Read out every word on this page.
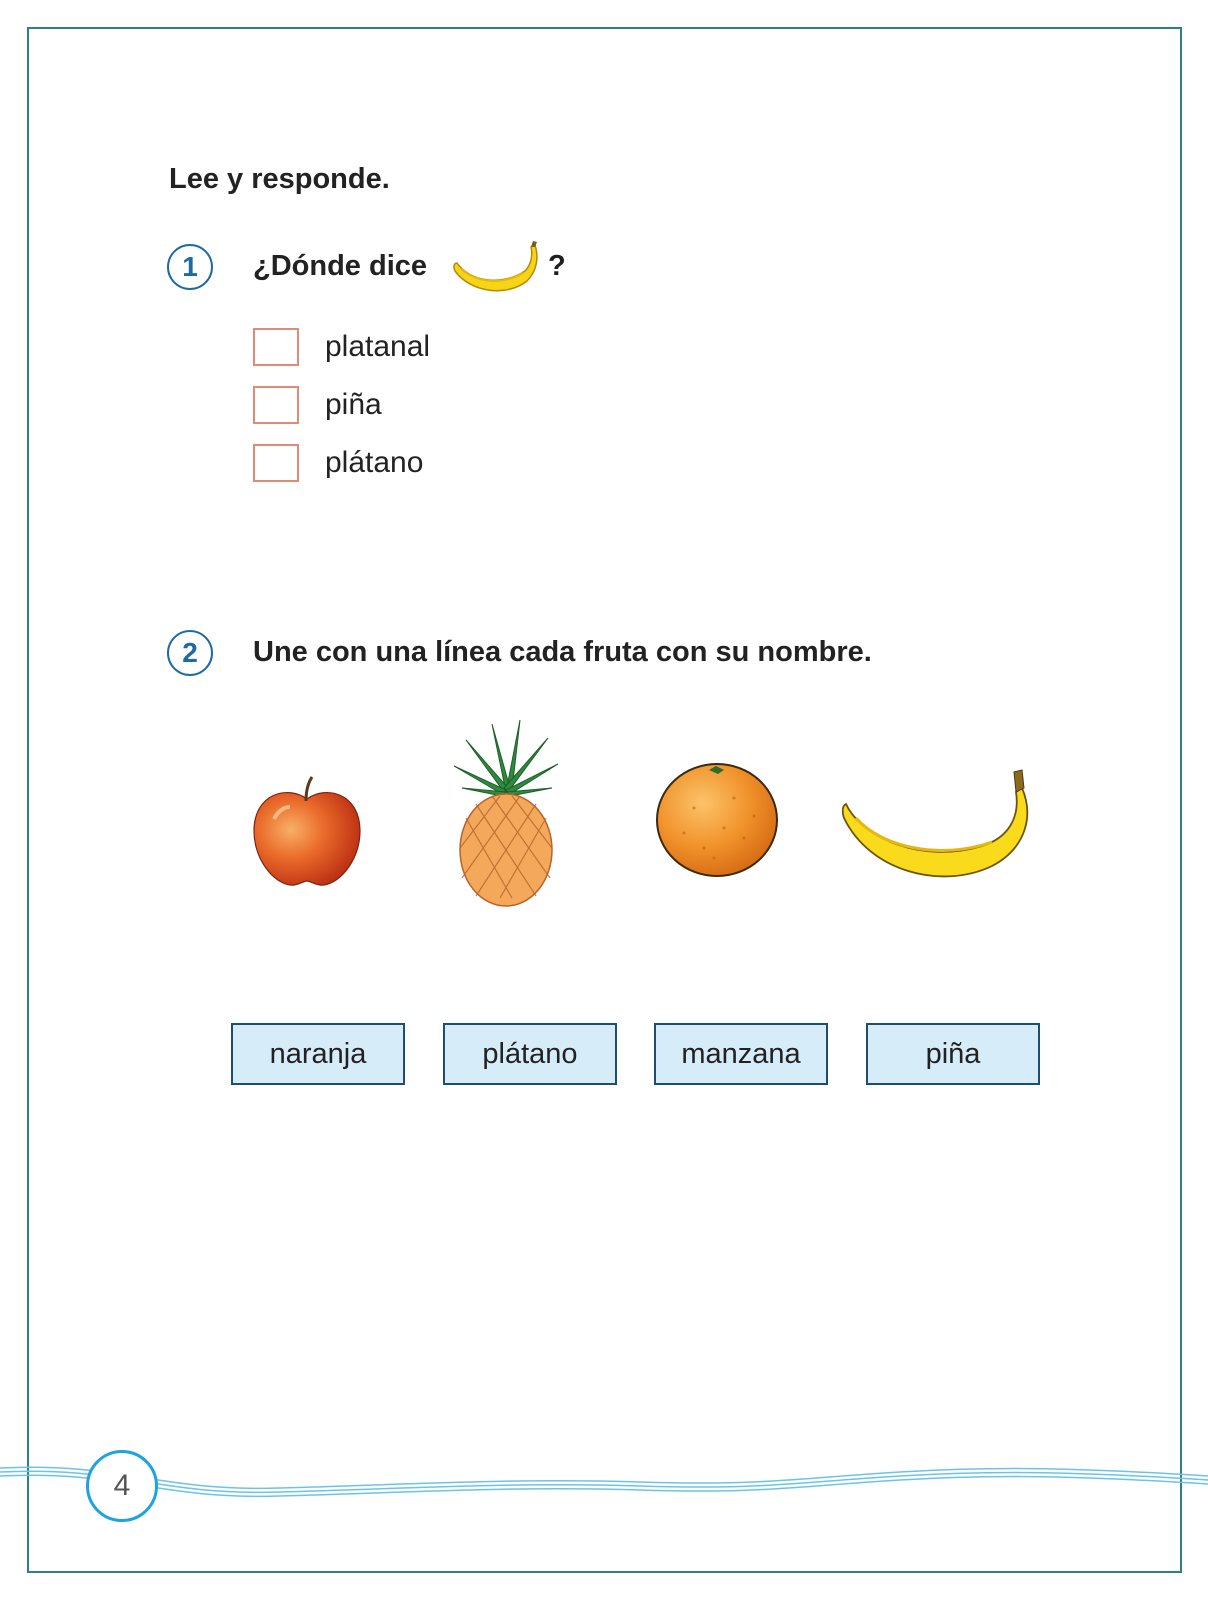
Lee y responde.
1	¿Dónde dice	?
platanal
piña
plátano
2	Une con una línea cada fruta con su nombre.
naranja	plátano	manzana	piña
4
